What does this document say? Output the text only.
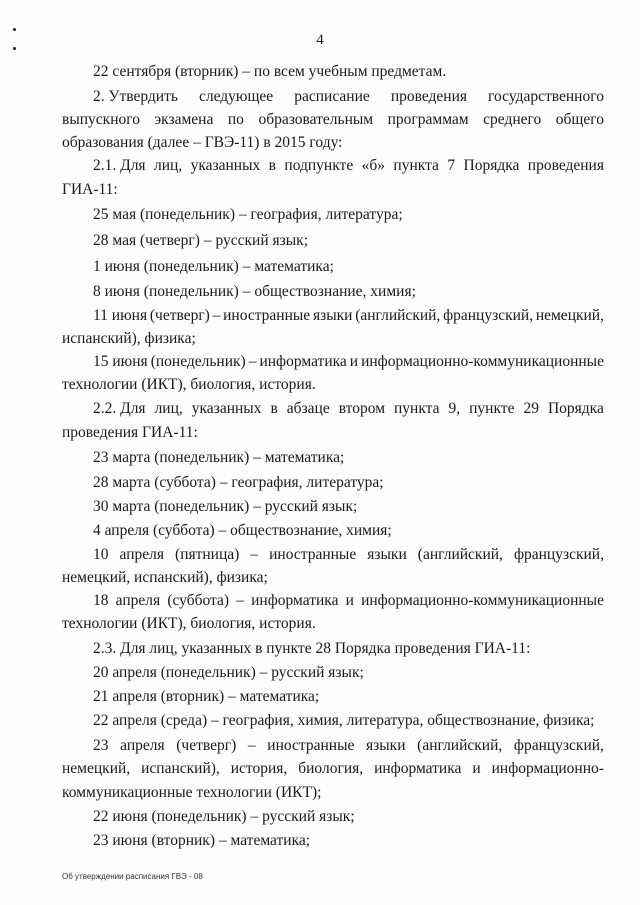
4
22 сентября (вторник) – по всем учебным предметам.
2. Утвердить следующее расписание проведения государственного
выпускного экзамена по образовательным программам среднего общего
образования (далее – ГВЭ-11) в 2015 году:
2.1. Для лиц, указанных в подпункте «б» пункта 7 Порядка проведения
ГИА-11:
25 мая (понедельник) – география, литература;
28 мая (четверг) – русский язык;
1 июня (понедельник) – математика;
8 июня (понедельник) – обществознание, химия;
11 июня (четверг) – иностранные языки (английский, французский, немецкий,
испанский), физика;
15 июня (понедельник) – информатика и информационно-коммуникационные
технологии (ИКТ), биология, история.
2.2. Для лиц, указанных в абзаце втором пункта 9, пункте 29 Порядка
проведения ГИА-11:
23 марта (понедельник) – математика;
28 марта (суббота) – география, литература;
30 марта (понедельник) – русский язык;
4 апреля (суббота) – обществознание, химия;
10 апреля (пятница) – иностранные языки (английский, французский,
немецкий, испанский), физика;
18 апреля (суббота) – информатика и информационно-коммуникационные
технологии (ИКТ), биология, история.
2.3. Для лиц, указанных в пункте 28 Порядка проведения ГИА-11:
20 апреля (понедельник) – русский язык;
21 апреля (вторник) – математика;
22 апреля (среда) – география, химия, литература, обществознание, физика;
23 апреля (четверг) – иностранные языки (английский, французский,
немецкий, испанский), история, биология, информатика и информационно-
коммуникационные технологии (ИКТ);
22 июня (понедельник) – русский язык;
23 июня (вторник) – математика;
Об утверждении расписания ГВЭ - 08
